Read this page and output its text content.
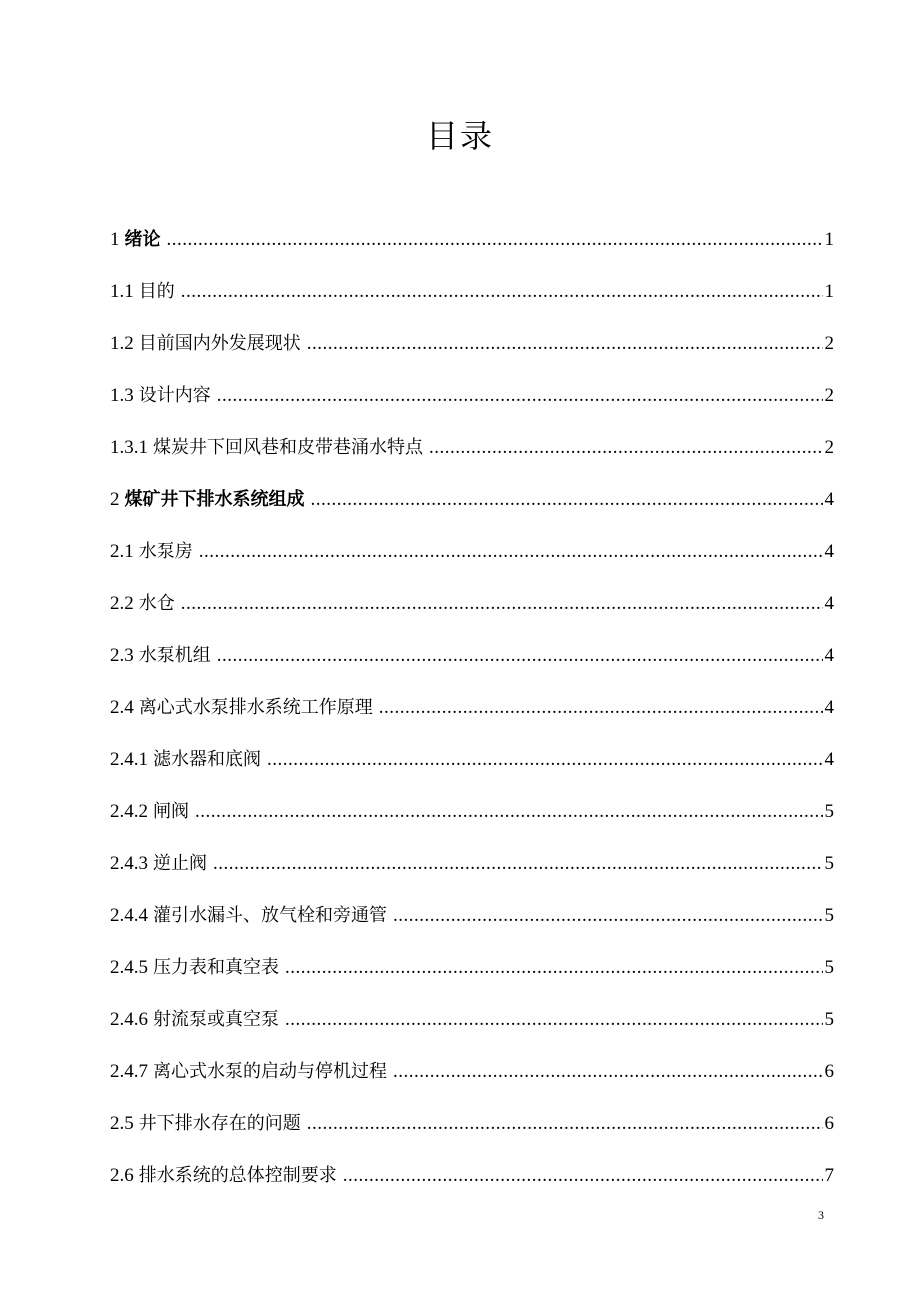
目录
1 绪论 .....	1
1.1 目的 .....	1
1.2 目前国内外发展现状 .....	2
1.3 设计内容 .....	2
1.3.1 煤炭井下回风巷和皮带巷涌水特点 .....	2
2 煤矿井下排水系统组成 .....	4
2.1 水泵房 .....	4
2.2 水仓 .....	4
2.3 水泵机组 .....	4
2.4 离心式水泵排水系统工作原理 .....	4
2.4.1 滤水器和底阀 .....	4
2.4.2 闸阀 .....	5
2.4.3 逆止阀 .....	5
2.4.4 灌引水漏斗、放气栓和旁通管 .....	5
2.4.5 压力表和真空表 .....	5
2.4.6 射流泵或真空泵 .....	5
2.4.7 离心式水泵的启动与停机过程 .....	6
2.5 井下排水存在的问题 .....	6
2.6 排水系统的总体控制要求 .....	7
3
